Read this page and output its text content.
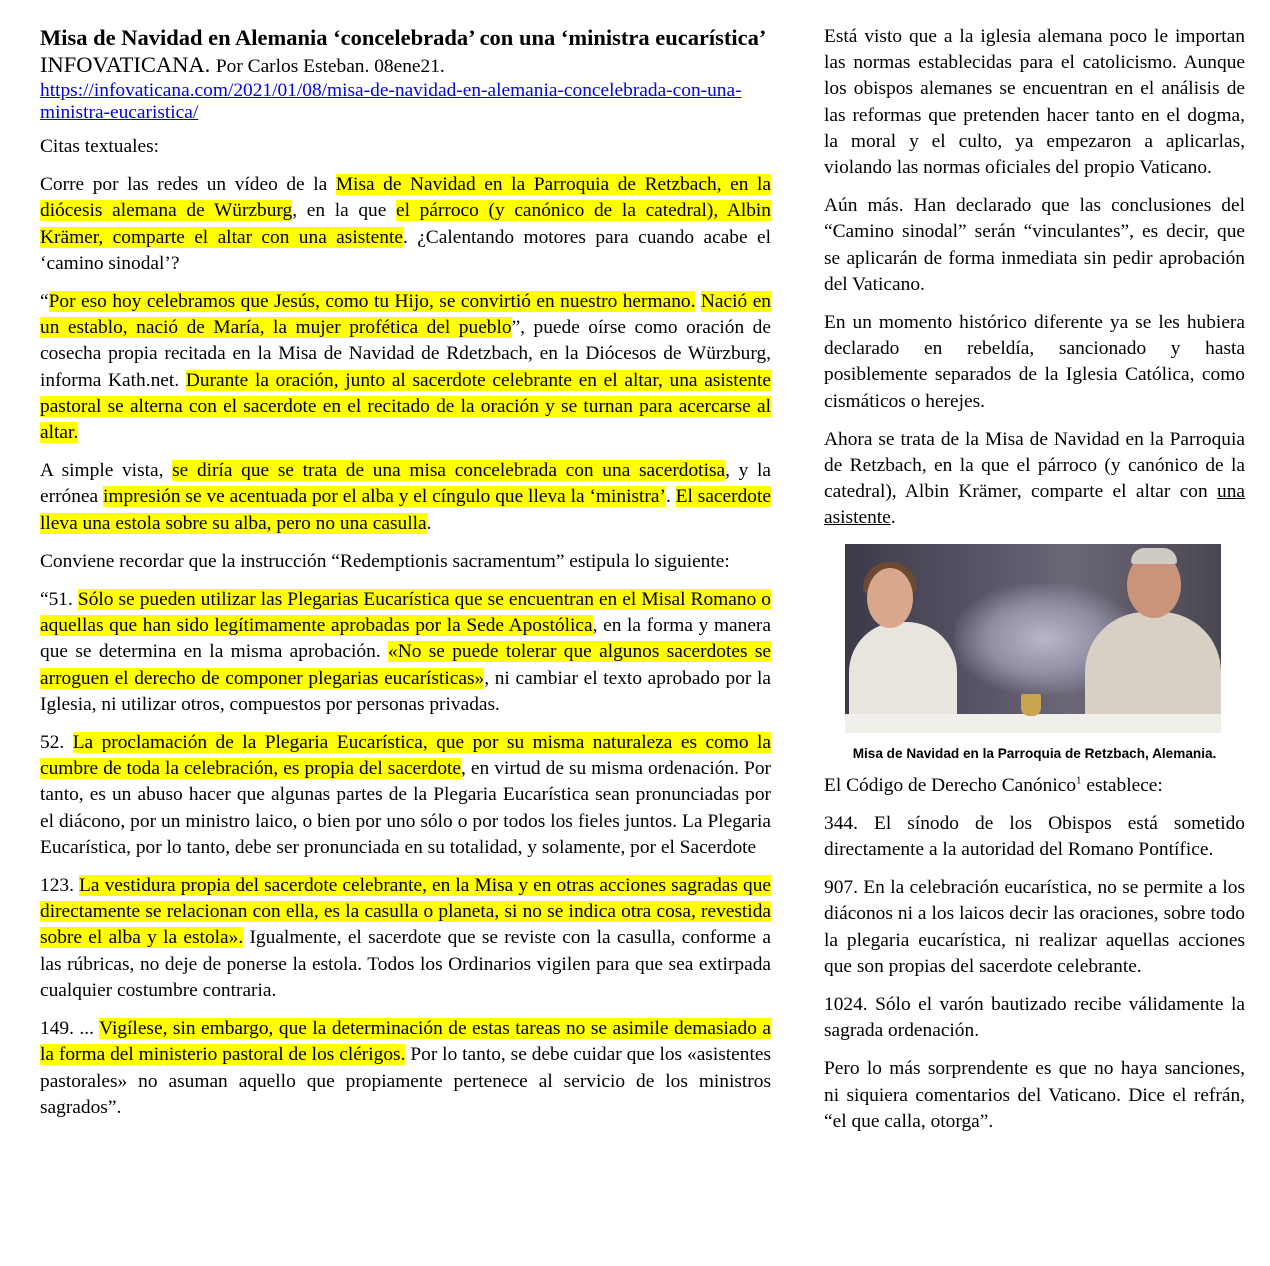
Misa de Navidad en Alemania ‘concelebrada’ con una ‘ministra eucarística’ INFOVATICANA. Por Carlos Esteban. 08ene21.

https://infovaticana.com/2021/01/08/misa-de-navidad-en-alemania-concelebrada-con-una-ministra-eucaristica/

Citas textuales:

Corre por las redes un vídeo de la Misa de Navidad en la Parroquia de Retzbach, en la diócesis alemana de Würzburg, en la que el párroco (y canónico de la catedral), Albin Krämer, comparte el altar con una asistente. ¿Calentando motores para cuando acabe el ‘camino sinodal’?

“Por eso hoy celebramos que Jesús, como tu Hijo, se convirtió en nuestro hermano. Nació en un establo, nació de María, la mujer profética del pueblo”, puede oírse como oración de cosecha propia recitada en la Misa de Navidad de Rdetzbach, en la Diócesos de Würzburg, informa Kath.net. Durante la oración, junto al sacerdote celebrante en el altar, una asistente pastoral se alterna con el sacerdote en el recitado de la oración y se turnan para acercarse al altar.

A simple vista, se diría que se trata de una misa concelebrada con una sacerdotisa, y la errónea impresión se ve acentuada por el alba y el cíngulo que lleva la ‘ministra’. El sacerdote lleva una estola sobre su alba, pero no una casulla.

Conviene recordar que la instrucción “Redemptionis sacramentum” estipula lo siguiente:

“51. Sólo se pueden utilizar las Plegarias Eucarística que se encuentran en el Misal Romano o aquellas que han sido legítimamente aprobadas por la Sede Apostólica, en la forma y manera que se determina en la misma aprobación. «No se puede tolerar que algunos sacerdotes se arroguen el derecho de componer plegarias eucarísticas», ni cambiar el texto aprobado por la Iglesia, ni utilizar otros, compuestos por personas privadas.

52. La proclamación de la Plegaria Eucarística, que por su misma naturaleza es como la cumbre de toda la celebración, es propia del sacerdote, en virtud de su misma ordenación. Por tanto, es un abuso hacer que algunas partes de la Plegaria Eucarística sean pronunciadas por el diácono, por un ministro laico, o bien por uno sólo o por todos los fieles juntos. La Plegaria Eucarística, por lo tanto, debe ser pronunciada en su totalidad, y solamente, por el Sacerdote

123. La vestidura propia del sacerdote celebrante, en la Misa y en otras acciones sagradas que directamente se relacionan con ella, es la casulla o planeta, si no se indica otra cosa, revestida sobre el alba y la estola». Igualmente, el sacerdote que se reviste con la casulla, conforme a las rúbricas, no deje de ponerse la estola. Todos los Ordinarios vigilen para que sea extirpada cualquier costumbre contraria.

149. ... Vigílese, sin embargo, que la determinación de estas tareas no se asimile demasiado a la forma del ministerio pastoral de los clérigos. Por lo tanto, se debe cuidar que los «asistentes pastorales» no asuman aquello que propiamente pertenece al servicio de los ministros sagrados”.

Está visto que a la iglesia alemana poco le importan las normas establecidas para el catolicismo. Aunque los obispos alemanes se encuentran en el análisis de las reformas que pretenden hacer tanto en el dogma, la moral y el culto, ya empezaron a aplicarlas, violando las normas oficiales del propio Vaticano.

Aún más. Han declarado que las conclusiones del “Camino sinodal” serán “vinculantes”, es decir, que se aplicarán de forma inmediata sin pedir aprobación del Vaticano.

En un momento histórico diferente ya se les hubiera declarado en rebeldía, sancionado y hasta posiblemente separados de la Iglesia Católica, como cismáticos o herejes.

Ahora se trata de la Misa de Navidad en la Parroquia de Retzbach, en la que el párroco (y canónico de la catedral), Albin Krämer, comparte el altar con una asistente.

Misa de Navidad en la Parroquia de Retzbach, Alemania.

El Código de Derecho Canónico$^1$ establece:

344. El sínodo de los Obispos está sometido directamente a la autoridad del Romano Pontífice.

907. En la celebración eucarística, no se permite a los diáconos ni a los laicos decir las oraciones, sobre todo la plegaria eucarística, ni realizar aquellas acciones que son propias del sacerdote celebrante.

1024. Sólo el varón bautizado recibe válidamente la sagrada ordenación.

Pero lo más sorprendente es que no haya sanciones, ni siquiera comentarios del Vaticano. Dice el refrán, “el que calla, otorga”.
